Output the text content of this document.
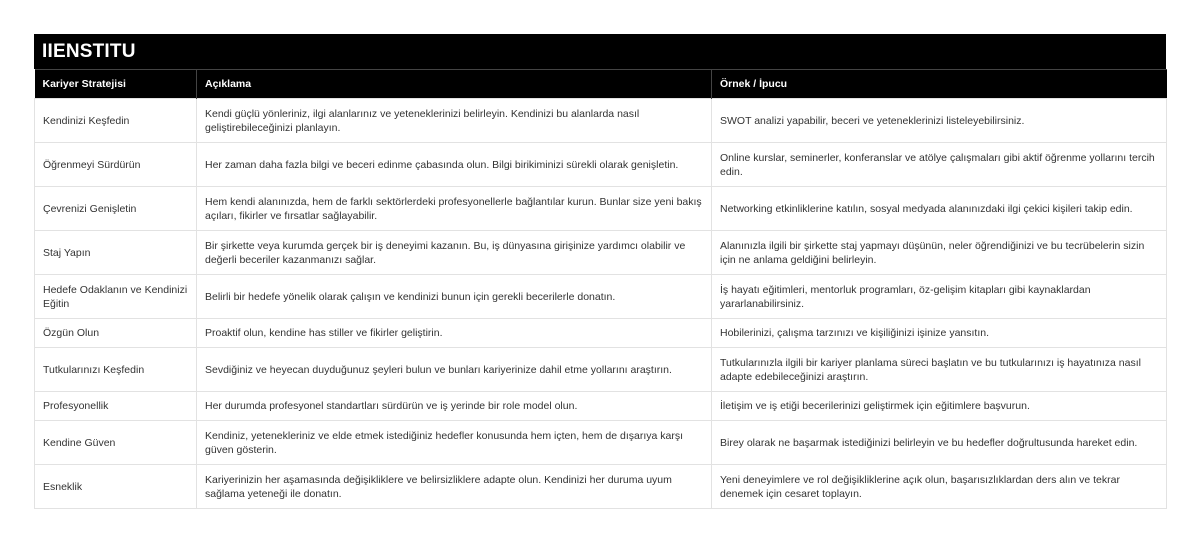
IIENSTITU
Kariyer Stratejisi	Açıklama	Örnek / İpucu
Kendinizi Keşfedin	Kendi güçlü yönleriniz, ilgi alanlarınız ve yeteneklerinizi belirleyin. Kendinizi bu alanlarda nasıl geliştirebileceğinizi planlayın.	SWOT analizi yapabilir, beceri ve yeteneklerinizi listeleyebilirsiniz.
Öğrenmeyi Sürdürün	Her zaman daha fazla bilgi ve beceri edinme çabasında olun. Bilgi birikiminizi sürekli olarak genişletin.	Online kurslar, seminerler, konferanslar ve atölye çalışmaları gibi aktif öğrenme yollarını tercih edin.
Çevrenizi Genişletin	Hem kendi alanınızda, hem de farklı sektörlerdeki profesyonellerle bağlantılar kurun. Bunlar size yeni bakış açıları, fikirler ve fırsatlar sağlayabilir.	Networking etkinliklerine katılın, sosyal medyada alanınızdaki ilgi çekici kişileri takip edin.
Staj Yapın	Bir şirkette veya kurumda gerçek bir iş deneyimi kazanın. Bu, iş dünyasına girişinize yardımcı olabilir ve değerli beceriler kazanmanızı sağlar.	Alanınızla ilgili bir şirkette staj yapmayı düşünün, neler öğrendiğinizi ve bu tecrübelerin sizin için ne anlama geldiğini belirleyin.
Hedefe Odaklanın ve Kendinizi Eğitin	Belirli bir hedefe yönelik olarak çalışın ve kendinizi bunun için gerekli becerilerle donatın.	İş hayatı eğitimleri, mentorluk programları, öz-gelişim kitapları gibi kaynaklardan yararlanabilirsiniz.
Özgün Olun	Proaktif olun, kendine has stiller ve fikirler geliştirin.	Hobilerinizi, çalışma tarzınızı ve kişiliğinizi işinize yansıtın.
Tutkularınızı Keşfedin	Sevdiğiniz ve heyecan duyduğunuz şeyleri bulun ve bunları kariyerinize dahil etme yollarını araştırın.	Tutkularınızla ilgili bir kariyer planlama süreci başlatın ve bu tutkularınızı iş hayatınıza nasıl adapte edebileceğinizi araştırın.
Profesyonellik	Her durumda profesyonel standartları sürdürün ve iş yerinde bir role model olun.	İletişim ve iş etiği becerilerinizi geliştirmek için eğitimlere başvurun.
Kendine Güven	Kendiniz, yetenekleriniz ve elde etmek istediğiniz hedefler konusunda hem içten, hem de dışarıya karşı güven gösterin.	Birey olarak ne başarmak istediğinizi belirleyin ve bu hedefler doğrultusunda hareket edin.
Esneklik	Kariyerinizin her aşamasında değişikliklere ve belirsizliklere adapte olun. Kendinizi her duruma uyum sağlama yeteneği ile donatın.	Yeni deneyimlere ve rol değişikliklerine açık olun, başarısızlıklardan ders alın ve tekrar denemek için cesaret toplayın.
